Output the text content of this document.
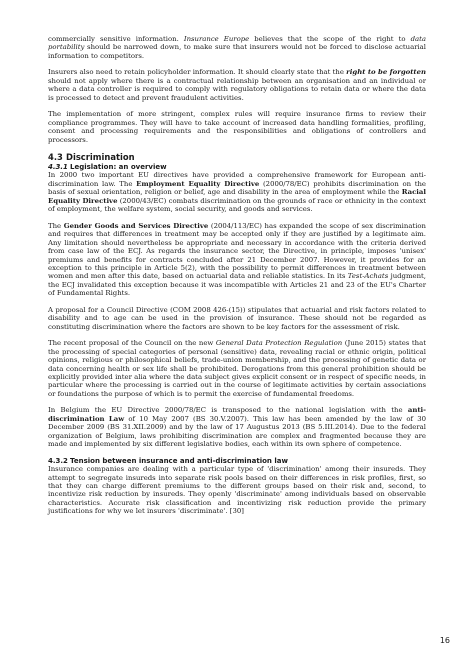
commercially sensitive information. Insurance Europe believes that the scope of the right to data portability should be narrowed down, to make sure that insurers would not be forced to disclose actuarial information to competitors.

Insurers also need to retain policyholder information. It should clearly state that the right to be forgotten should not apply where there is a contractual relationship between an organisation and an individual or where a data controller is required to comply with regulatory obligations to retain data or where the data is processed to detect and prevent fraudulent activities.

The implementation of more stringent, complex rules will require insurance firms to review their compliance programmes. They will have to take account of increased data handling formalities, profiling, consent and processing requirements and the responsibilities and obligations of controllers and processors.

4.3 Discrimination
4.3.1 Legislation: an overview

In 2000 two important EU directives have provided a comprehensive framework for European anti-discrimination law. The Employment Equality Directive (2000/78/EC) prohibits discrimination on the basis of sexual orientation, religion or belief, age and disability in the area of employment while the Racial Equality Directive (2000/43/EC) combats discrimination on the grounds of race or ethnicity in the context of employment, the welfare system, social security, and goods and services.

The Gender Goods and Services Directive (2004/113/EC) has expanded the scope of sex discrimination and requires that differences in treatment may be accepted only if they are justified by a legitimate aim. Any limitation should nevertheless be appropriate and necessary in accordance with the criteria derived from case law of the ECJ. As regards the insurance sector, the Directive, in principle, imposes 'unisex' premiums and benefits for contracts concluded after 21 December 2007. However, it provides for an exception to this principle in Article 5(2), with the possibility to permit differences in treatment between women and men after this date, based on actuarial data and reliable statistics. In its Test-Achats judgment, the ECJ invalidated this exception because it was incompatible with Articles 21 and 23 of the EU's Charter of Fundamental Rights.

A proposal for a Council Directive (COM 2008 426-(15)) stipulates that actuarial and risk factors related to disability and to age can be used in the provision of insurance. These should not be regarded as constituting discrimination where the factors are shown to be key factors for the assessment of risk.

The recent proposal of the Council on the new General Data Protection Regulation (June 2015) states that the processing of special categories of personal (sensitive) data, revealing racial or ethnic origin, political opinions, religious or philosophical beliefs, trade-union membership, and the processing of genetic data or data concerning health or sex life shall be prohibited. Derogations from this general prohibition should be explicitly provided inter alia where the data subject gives explicit consent or in respect of specific needs, in particular where the processing is carried out in the course of legitimate activities by certain associations or foundations the purpose of which is to permit the exercise of fundamental freedoms.

In Belgium the EU Directive 2000/78/EC is transposed to the national legislation with the anti-discrimination Law of 10 May 2007 (BS 30.V.2007). This law has been amended by the law of 30 December 2009 (BS 31.XII.2009) and by the law of 17 Augustus 2013 (BS 5.III.2014). Due to the federal organization of Belgium, laws prohibiting discrimination are complex and fragmented because they are made and implemented by six different legislative bodies, each within its own sphere of competence.

4.3.2 Tension between insurance and anti-discrimination law

Insurance companies are dealing with a particular type of 'discrimination' among their insureds. They attempt to segregate insureds into separate risk pools based on their differences in risk profiles, first, so that they can charge different premiums to the different groups based on their risk and, second, to incentivize risk reduction by insureds. They openly 'discriminate' among individuals based on observable characteristics. Accurate risk classification and incentivizing risk reduction provide the primary justifications for why we let insurers 'discriminate'. [30]

16
